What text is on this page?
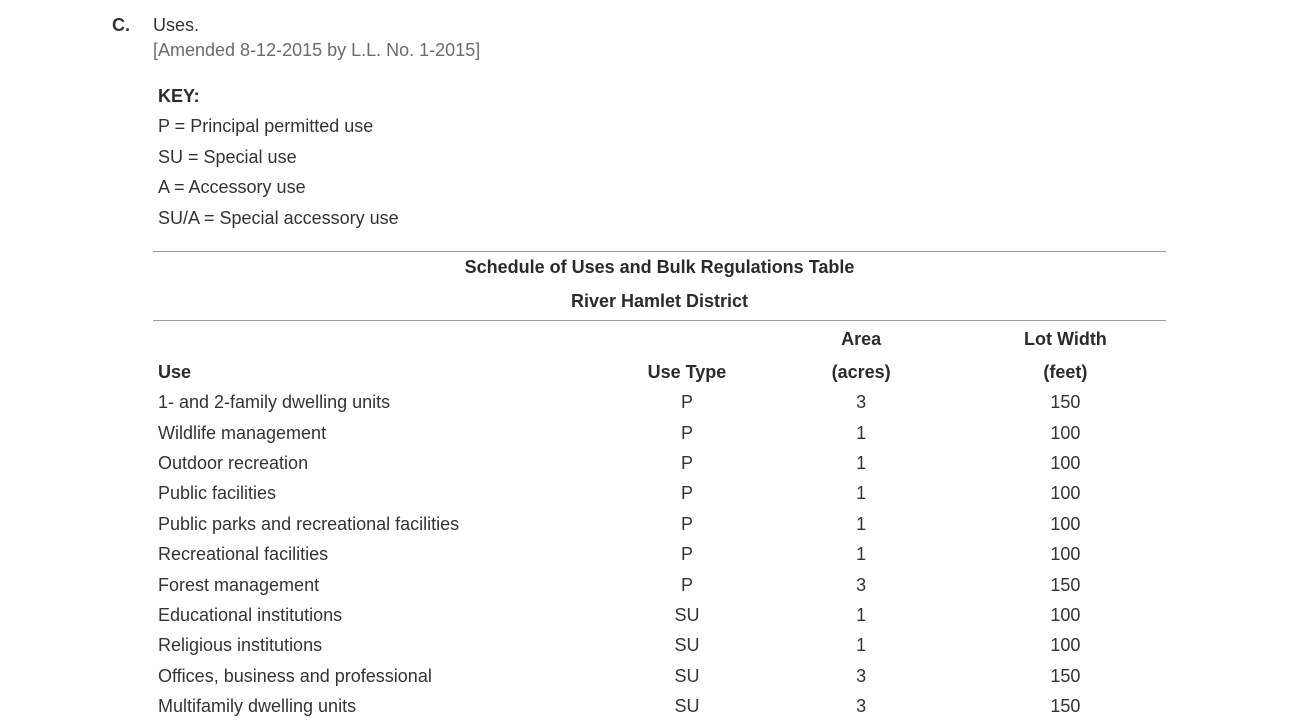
C. Uses.
[Amended 8-12-2015 by L.L. No. 1-2015]
KEY:
P = Principal permitted use
SU = Special use
A = Accessory use
SU/A = Special accessory use
Schedule of Uses and Bulk Regulations Table
River Hamlet District
		Area	Lot Width
Use	Use Type	(acres)	(feet)
1- and 2-family dwelling units	P	3	150
Wildlife management	P	1	100
Outdoor recreation	P	1	100
Public facilities	P	1	100
Public parks and recreational facilities	P	1	100
Recreational facilities	P	1	100
Forest management	P	3	150
Educational institutions	SU	1	100
Religious institutions	SU	1	100
Offices, business and professional	SU	3	150
Multifamily dwelling units	SU	3	150
